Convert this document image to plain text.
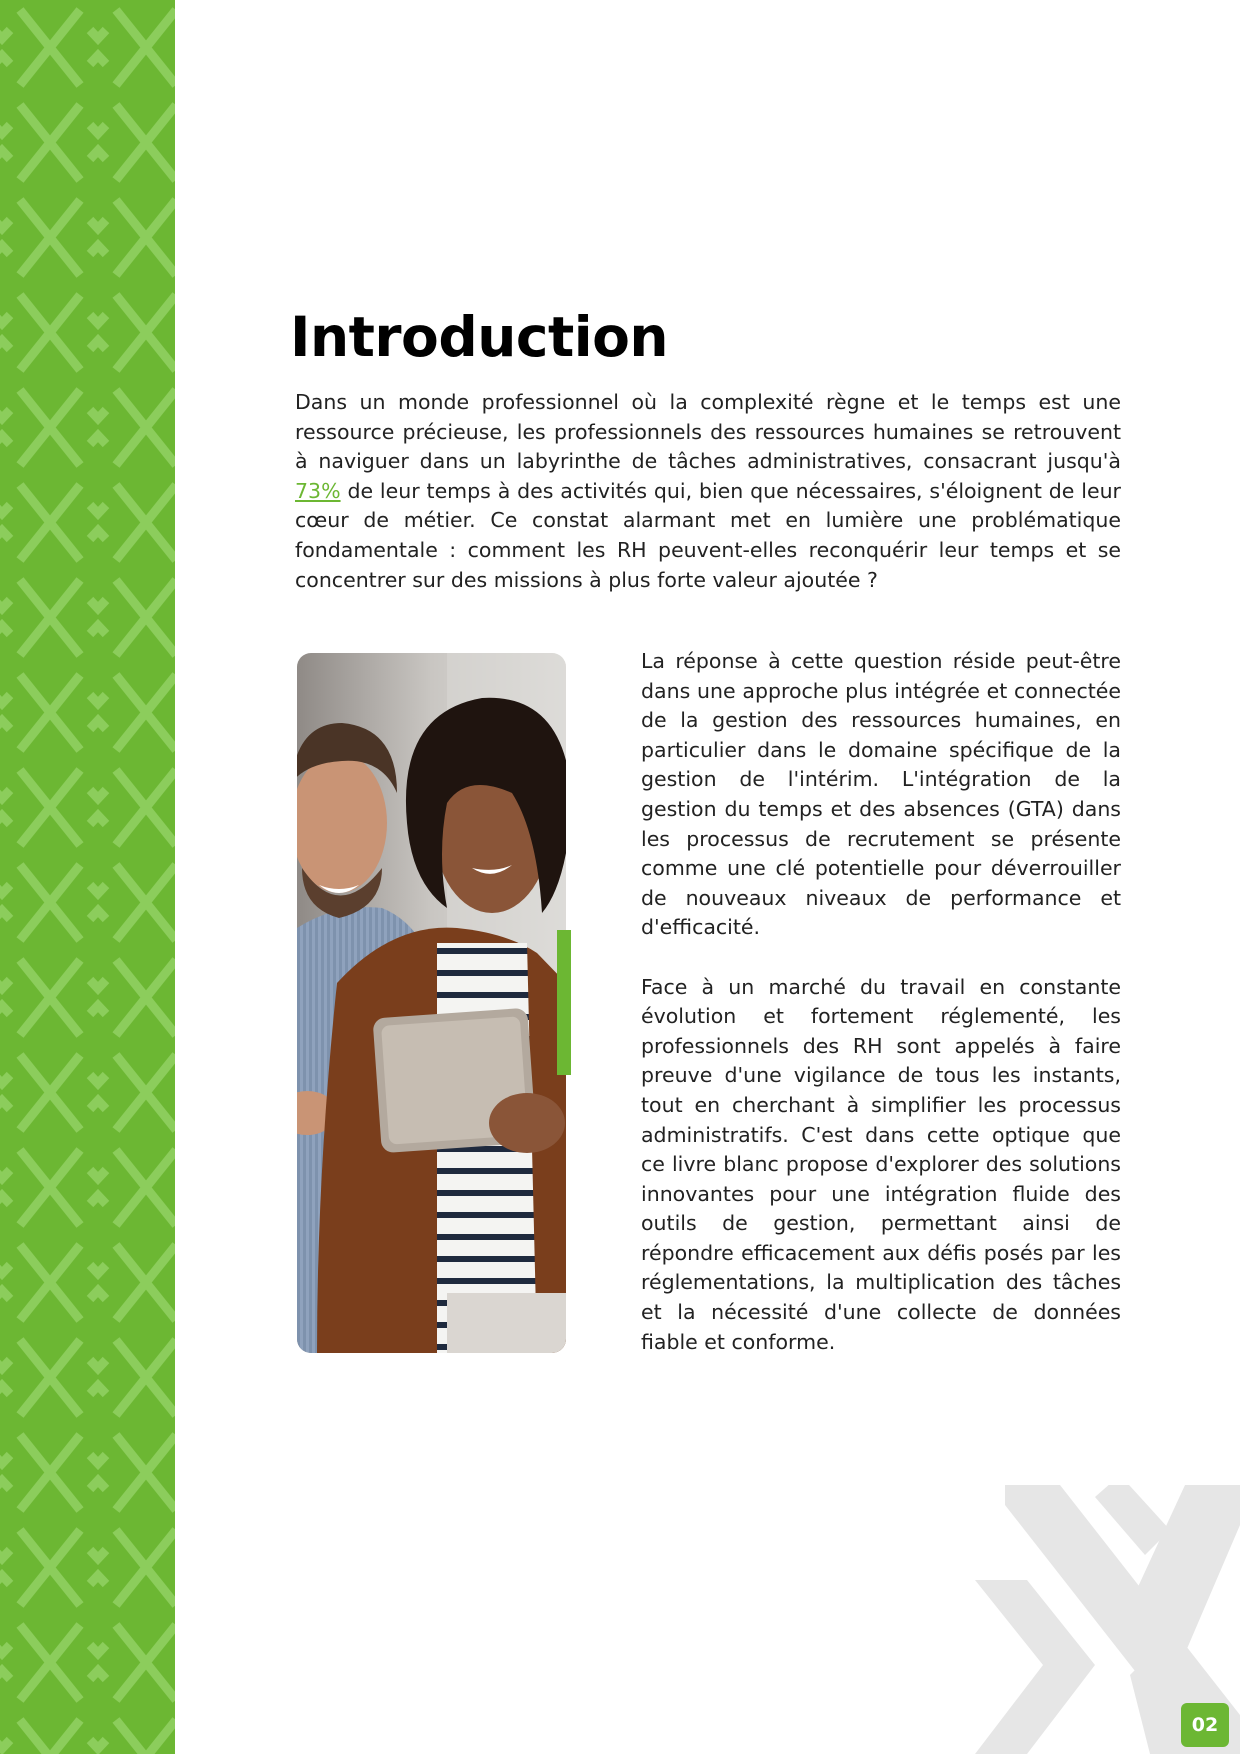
Introduction

Dans un monde professionnel où la complexité règne et le temps est une ressource précieuse, les professionnels des ressources humaines se retrouvent à naviguer dans un labyrinthe de tâches administratives, consacrant jusqu'à 73% de leur temps à des activités qui, bien que nécessaires, s'éloignent de leur cœur de métier. Ce constat alarmant met en lumière une problématique fondamentale : comment les RH peuvent-elles reconquérir leur temps et se concentrer sur des missions à plus forte valeur ajoutée ?

La réponse à cette question réside peut-être dans une approche plus intégrée et connectée de la gestion des ressources humaines, en particulier dans le domaine spécifique de la gestion de l'intérim. L'intégration de la gestion du temps et des absences (GTA) dans les processus de recrutement se présente comme une clé potentielle pour déverrouiller de nouveaux niveaux de performance et d'efficacité.

Face à un marché du travail en constante évolution et fortement réglementé, les professionnels des RH sont appelés à faire preuve d'une vigilance de tous les instants, tout en cherchant à simplifier les processus administratifs. C'est dans cette optique que ce livre blanc propose d'explorer des solutions innovantes pour une intégration fluide des outils de gestion, permettant ainsi de répondre efficacement aux défis posés par les réglementations, la multiplication des tâches et la nécessité d'une collecte de données fiable et conforme.

02
